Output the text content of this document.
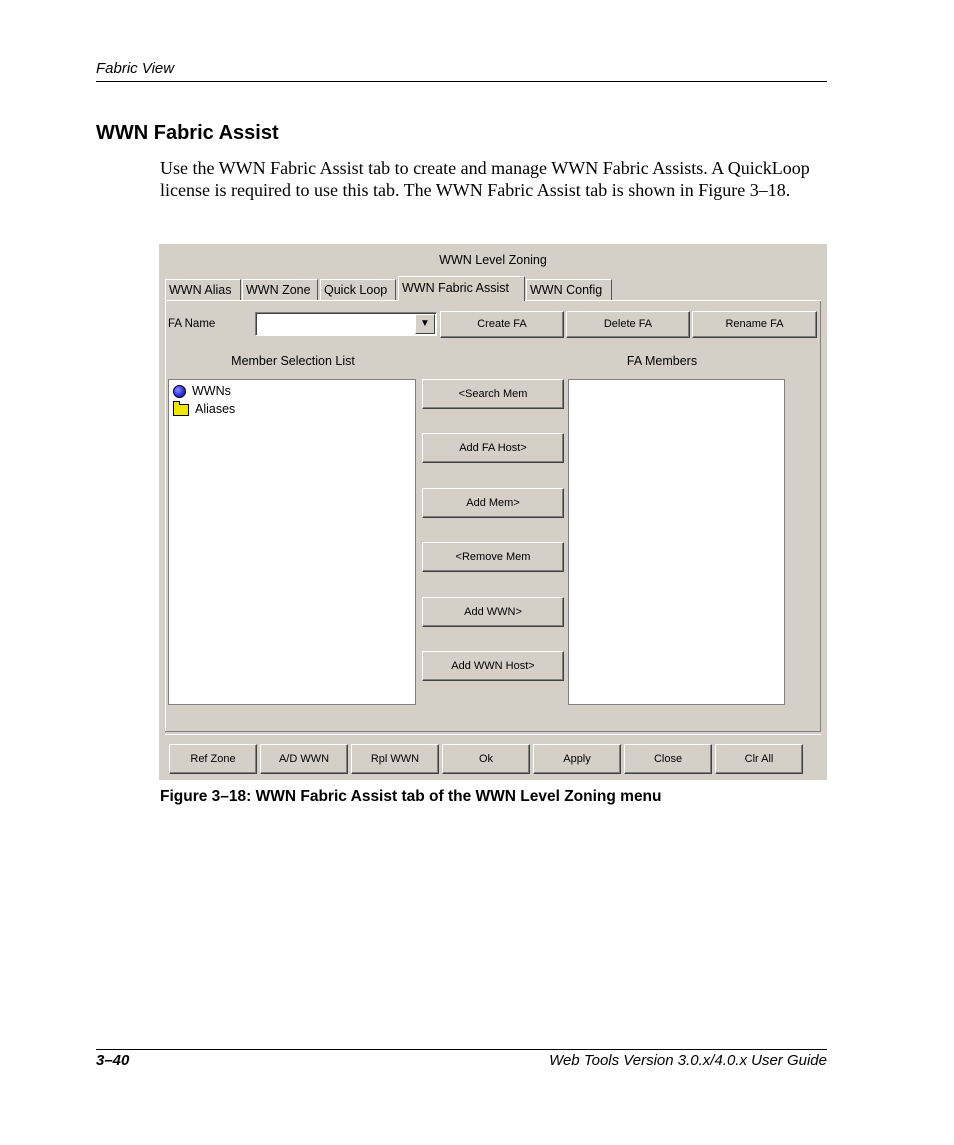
Fabric View
WWN Fabric Assist
Use the WWN Fabric Assist tab to create and manage WWN Fabric Assists. A QuickLoop license is required to use this tab. The WWN Fabric Assist tab is shown in Figure 3–18.
WWN Level Zoning
WWN Alias	WWN Zone	Quick Loop	WWN Fabric Assist	WWN Config
FA Name	▼	Create FA	Delete FA	Rename FA
Member Selection List	FA Members
WWNs
Aliases
<Search Mem
Add FA Host>
Add Mem>
<Remove Mem
Add WWN>
Add WWN Host>
Ref Zone	A/D WWN	Rpl WWN	Ok	Apply	Close	Clr All
Figure 3–18: WWN Fabric Assist tab of the WWN Level Zoning menu
3–40	Web Tools Version 3.0.x/4.0.x User Guide
